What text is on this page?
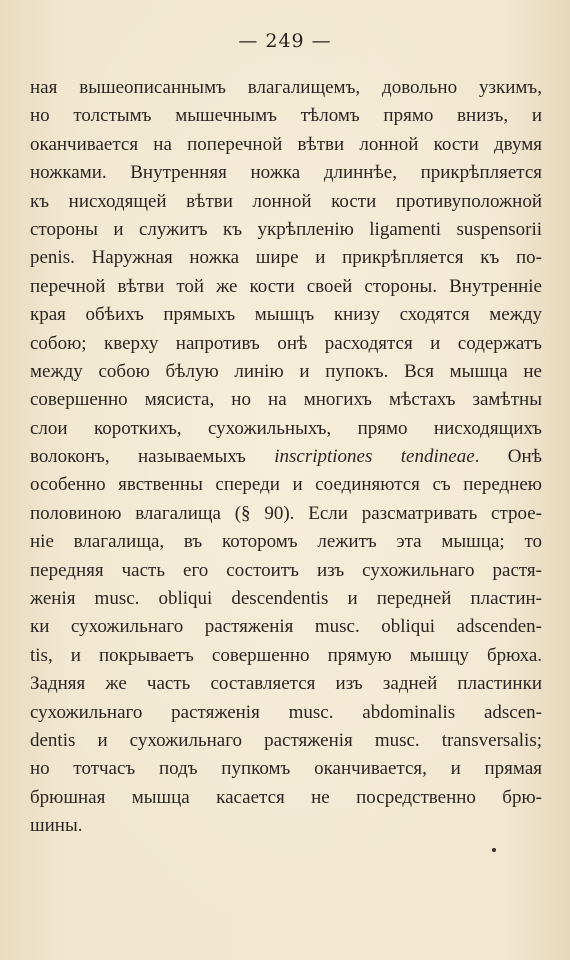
— 249 —
ная вышеописаннымъ влагалищемъ, довольно узкимъ,
но толстымъ мышечнымъ тѣломъ прямо внизъ, и
оканчивается на поперечной вѣтви лонной кости двумя
ножками. Внутренняя ножка длиннѣе, прикрѣпляется
къ нисходящей вѣтви лонной кости противуположной
стороны и служитъ къ укрѣпленію ligamenti suspensorii
penis. Наружная ножка шире и прикрѣпляется къ по-
перечной вѣтви той же кости своей стороны. Внутренніе
края обѣихъ прямыхъ мышцъ книзу сходятся между
собою; кверху напротивъ онѣ расходятся и содержатъ
между собою бѣлую линію и пупокъ. Вся мышца не
совершенно мясиста, но на многихъ мѣстахъ замѣтны
слои короткихъ, сухожильныхъ, прямо нисходящихъ
волоконъ, называемыхъ inscriptiones tendineae. Онѣ
особенно явственны спереди и соединяются съ переднею
половиною влагалища (§ 90). Если разсматривать строе-
ніе влагалища, въ которомъ лежитъ эта мышца; то
передняя часть его состоитъ изъ сухожильнаго растя-
женія musc. obliqui descendentis и передней пластин-
ки сухожильнаго растяженія musc. obliqui adscenden-
tis, и покрываетъ совершенно прямую мышцу брюха.
Задняя же часть составляется изъ задней пластинки
сухожильнаго растяженія musc. abdominalis adscen-
dentis и сухожильнаго растяженія musc. transversalis;
но тотчасъ подъ пупкомъ оканчивается, и прямая
брюшная мышца касается не посредственно брю-
шины.
